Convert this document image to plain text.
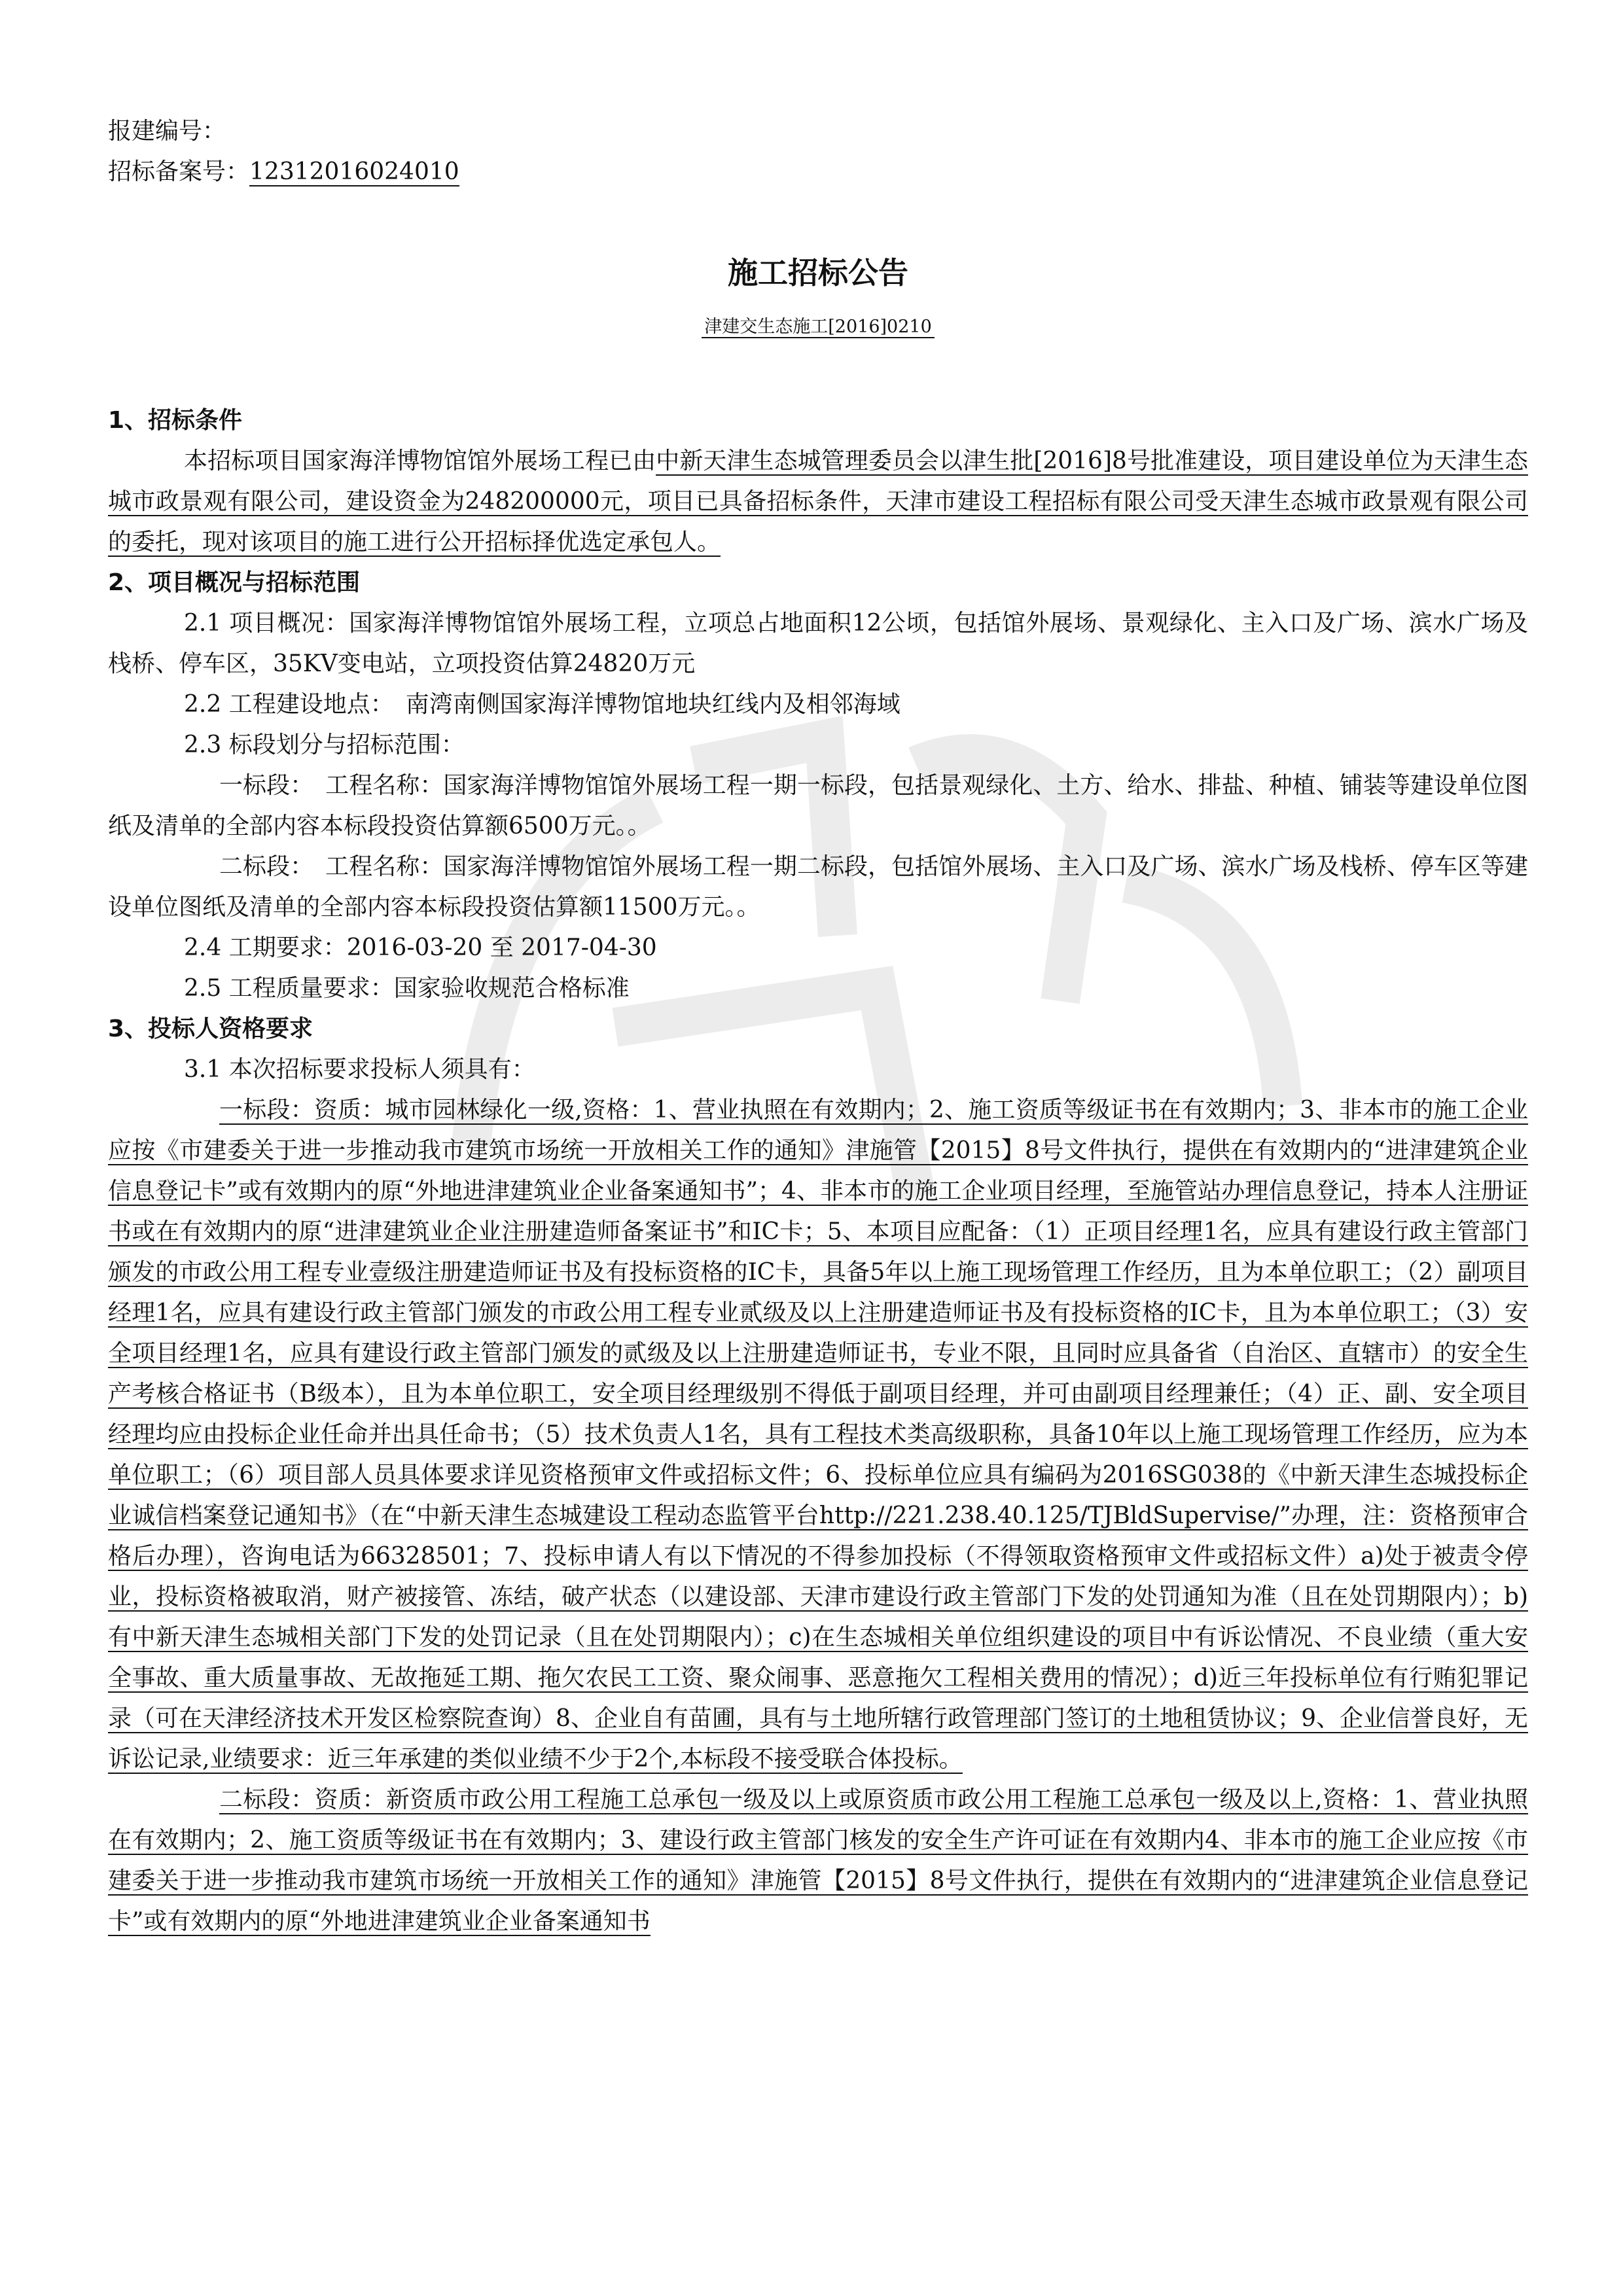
报建编号：
招标备案号：12312016024010
施工招标公告
津建交生态施工[2016]0210
1、招标条件
本招标项目国家海洋博物馆馆外展场工程已由中新天津生态城管理委员会以津生批[2016]8号批准建设，项目建设单位为天津生态城市政景观有限公司，建设资金为248200000元，项目已具备招标条件，天津市建设工程招标有限公司受天津生态城市政景观有限公司的委托，现对该项目的施工进行公开招标择优选定承包人。
2、项目概况与招标范围
2.1 项目概况：国家海洋博物馆馆外展场工程，立项总占地面积12公顷，包括馆外展场、景观绿化、主入口及广场、滨水广场及栈桥、停车区，35KV变电站，立项投资估算24820万元
2.2 工程建设地点：　南湾南侧国家海洋博物馆地块红线内及相邻海域
2.3 标段划分与招标范围：
一标段：　工程名称：国家海洋博物馆馆外展场工程一期一标段，包括景观绿化、土方、给水、排盐、种植、铺装等建设单位图纸及清单的全部内容本标段投资估算额6500万元。。
二标段：　工程名称：国家海洋博物馆馆外展场工程一期二标段，包括馆外展场、主入口及广场、滨水广场及栈桥、停车区等建设单位图纸及清单的全部内容本标段投资估算额11500万元。。
2.4 工期要求：2016-03-20 至 2017-04-30
2.5 工程质量要求：国家验收规范合格标准
3、投标人资格要求
3.1 本次招标要求投标人须具有：
一标段：资质：城市园林绿化一级,资格：1、营业执照在有效期内；2、施工资质等级证书在有效期内；3、非本市的施工企业应按《市建委关于进一步推动我市建筑市场统一开放相关工作的通知》津施管【2015】8号文件执行，提供在有效期内的“进津建筑企业信息登记卡”或有效期内的原“外地进津建筑业企业备案通知书”；4、非本市的施工企业项目经理，至施管站办理信息登记，持本人注册证书或在有效期内的原“进津建筑业企业注册建造师备案证书”和IC卡；5、本项目应配备：（1）正项目经理1名，应具有建设行政主管部门颁发的市政公用工程专业壹级注册建造师证书及有投标资格的IC卡，具备5年以上施工现场管理工作经历，且为本单位职工；（2）副项目经理1名，应具有建设行政主管部门颁发的市政公用工程专业贰级及以上注册建造师证书及有投标资格的IC卡，且为本单位职工；（3）安全项目经理1名，应具有建设行政主管部门颁发的贰级及以上注册建造师证书，专业不限，且同时应具备省（自治区、直辖市）的安全生产考核合格证书（B级本），且为本单位职工，安全项目经理级别不得低于副项目经理，并可由副项目经理兼任；（4）正、副、安全项目经理均应由投标企业任命并出具任命书；（5）技术负责人1名，具有工程技术类高级职称，具备10年以上施工现场管理工作经历，应为本单位职工；（6）项目部人员具体要求详见资格预审文件或招标文件；6、投标单位应具有编码为2016SG038的《中新天津生态城投标企业诚信档案登记通知书》（在“中新天津生态城建设工程动态监管平台http://221.238.40.125/TJBldSupervise/”办理，注：资格预审合格后办理），咨询电话为66328501；7、投标申请人有以下情况的不得参加投标（不得领取资格预审文件或招标文件）a)处于被责令停业，投标资格被取消，财产被接管、冻结，破产状态（以建设部、天津市建设行政主管部门下发的处罚通知为准（且在处罚期限内）；b)有中新天津生态城相关部门下发的处罚记录（且在处罚期限内）；c)在生态城相关单位组织建设的项目中有诉讼情况、不良业绩（重大安全事故、重大质量事故、无故拖延工期、拖欠农民工工资、聚众闹事、恶意拖欠工程相关费用的情况）；d)近三年投标单位有行贿犯罪记录（可在天津经济技术开发区检察院查询）8、企业自有苗圃，具有与土地所辖行政管理部门签订的土地租赁协议；9、企业信誉良好，无诉讼记录,业绩要求：近三年承建的类似业绩不少于2个,本标段不接受联合体投标。
二标段：资质：新资质市政公用工程施工总承包一级及以上或原资质市政公用工程施工总承包一级及以上,资格：1、营业执照在有效期内；2、施工资质等级证书在有效期内；3、建设行政主管部门核发的安全生产许可证在有效期内4、非本市的施工企业应按《市建委关于进一步推动我市建筑市场统一开放相关工作的通知》津施管【2015】8号文件执行，提供在有效期内的“进津建筑企业信息登记卡”或有效期内的原“外地进津建筑业企业备案通知书
